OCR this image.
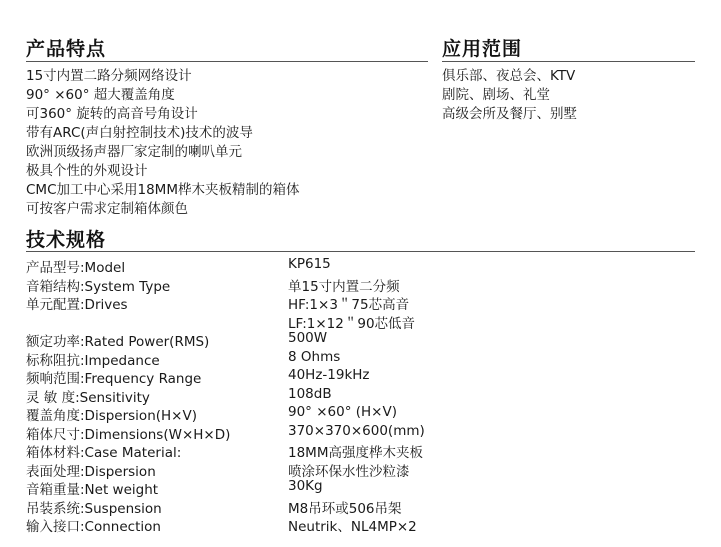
产品特点	应用范围
15寸内置二路分频网络设计
90° ×60° 超大覆盖角度
可360° 旋转的高音号角设计
带有ARC(声白射控制技术)技术的波导
欧洲顶级扬声器厂家定制的喇叭单元
极具个性的外观设计
CMC加工中心采用18MM桦木夹板精制的箱体
可按客户需求定制箱体颜色
俱乐部、夜总会、KTV
剧院、剧场、礼堂
高级会所及餐厅、别墅
技术规格
产品型号:Model	KP615
音箱结构:System Type	单15寸内置二分频
单元配置:Drives	HF:1×3＂75芯高音
LF:1×12＂90芯低音
额定功率:Rated Power(RMS)	500W
标称阻抗:Impedance	8 Ohms
频响范围:Frequency Range	40Hz-19kHz
灵 敏 度:Sensitivity	108dB
覆盖角度:Dispersion(H×V)	90° ×60° (H×V)
箱体尺寸:Dimensions(W×H×D)	370×370×600(mm)
箱体材料:Case Material:	18MM高强度桦木夹板
表面处理:Dispersion	喷涂环保水性沙粒漆
音箱重量:Net weight	30Kg
吊装系统:Suspension	M8吊环或506吊架
输入接口:Connection	Neutrik、NL4MP×2
